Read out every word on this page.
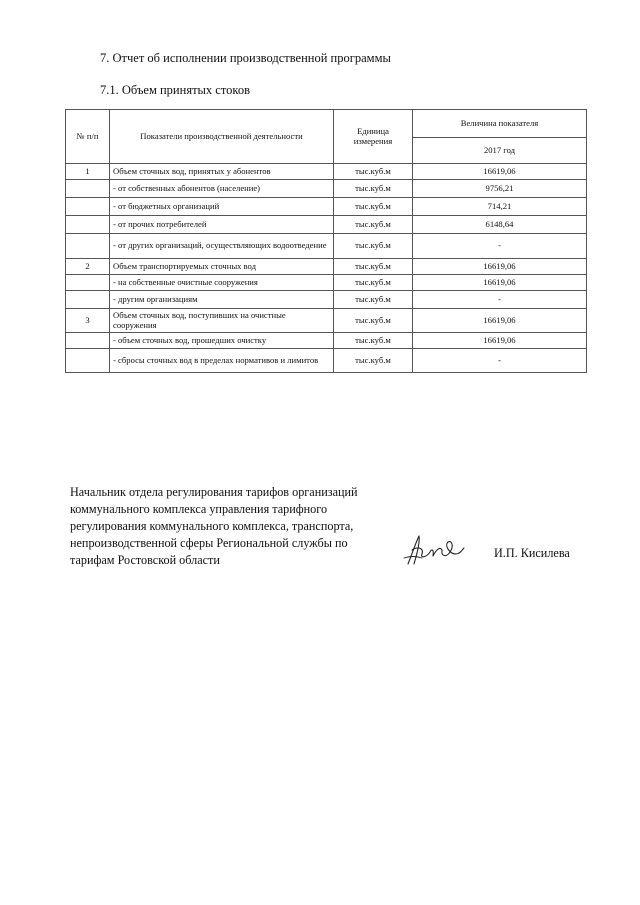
7. Отчет об исполнении производственной программы
7.1. Объем принятых стоков
№ п/п	Показатели производственной деятельности	Единица измерения	Величина показателя
			2017 год
1	Объем сточных вод, принятых у абонентов	тыс.куб.м	16619,06
	- от собственных абонентов (население)	тыс.куб.м	9756,21
	- от бюджетных организаций	тыс.куб.м	714,21
	- от прочих потребителей	тыс.куб.м	6148,64
	- от других организаций, осуществляющих водоотведение	тыс.куб.м	-
2	Объем транспортируемых сточных вод	тыс.куб.м	16619,06
	- на собственные очистные сооружения	тыс.куб.м	16619,06
	- другим организациям	тыс.куб.м	-
3	Объем сточных вод, поступивших на очистные сооружения	тыс.куб.м	16619,06
	- объем сточных вод, прошедших очистку	тыс.куб.м	16619,06
	- сбросы сточных вод в пределах нормативов и лимитов	тыс.куб.м	-
Начальник отдела регулирования тарифов организаций
коммунального комплекса управления тарифного
регулирования коммунального комплекса, транспорта,
непроизводственной сферы Региональной службы по
тарифам Ростовской области	И.П. Кисилева
